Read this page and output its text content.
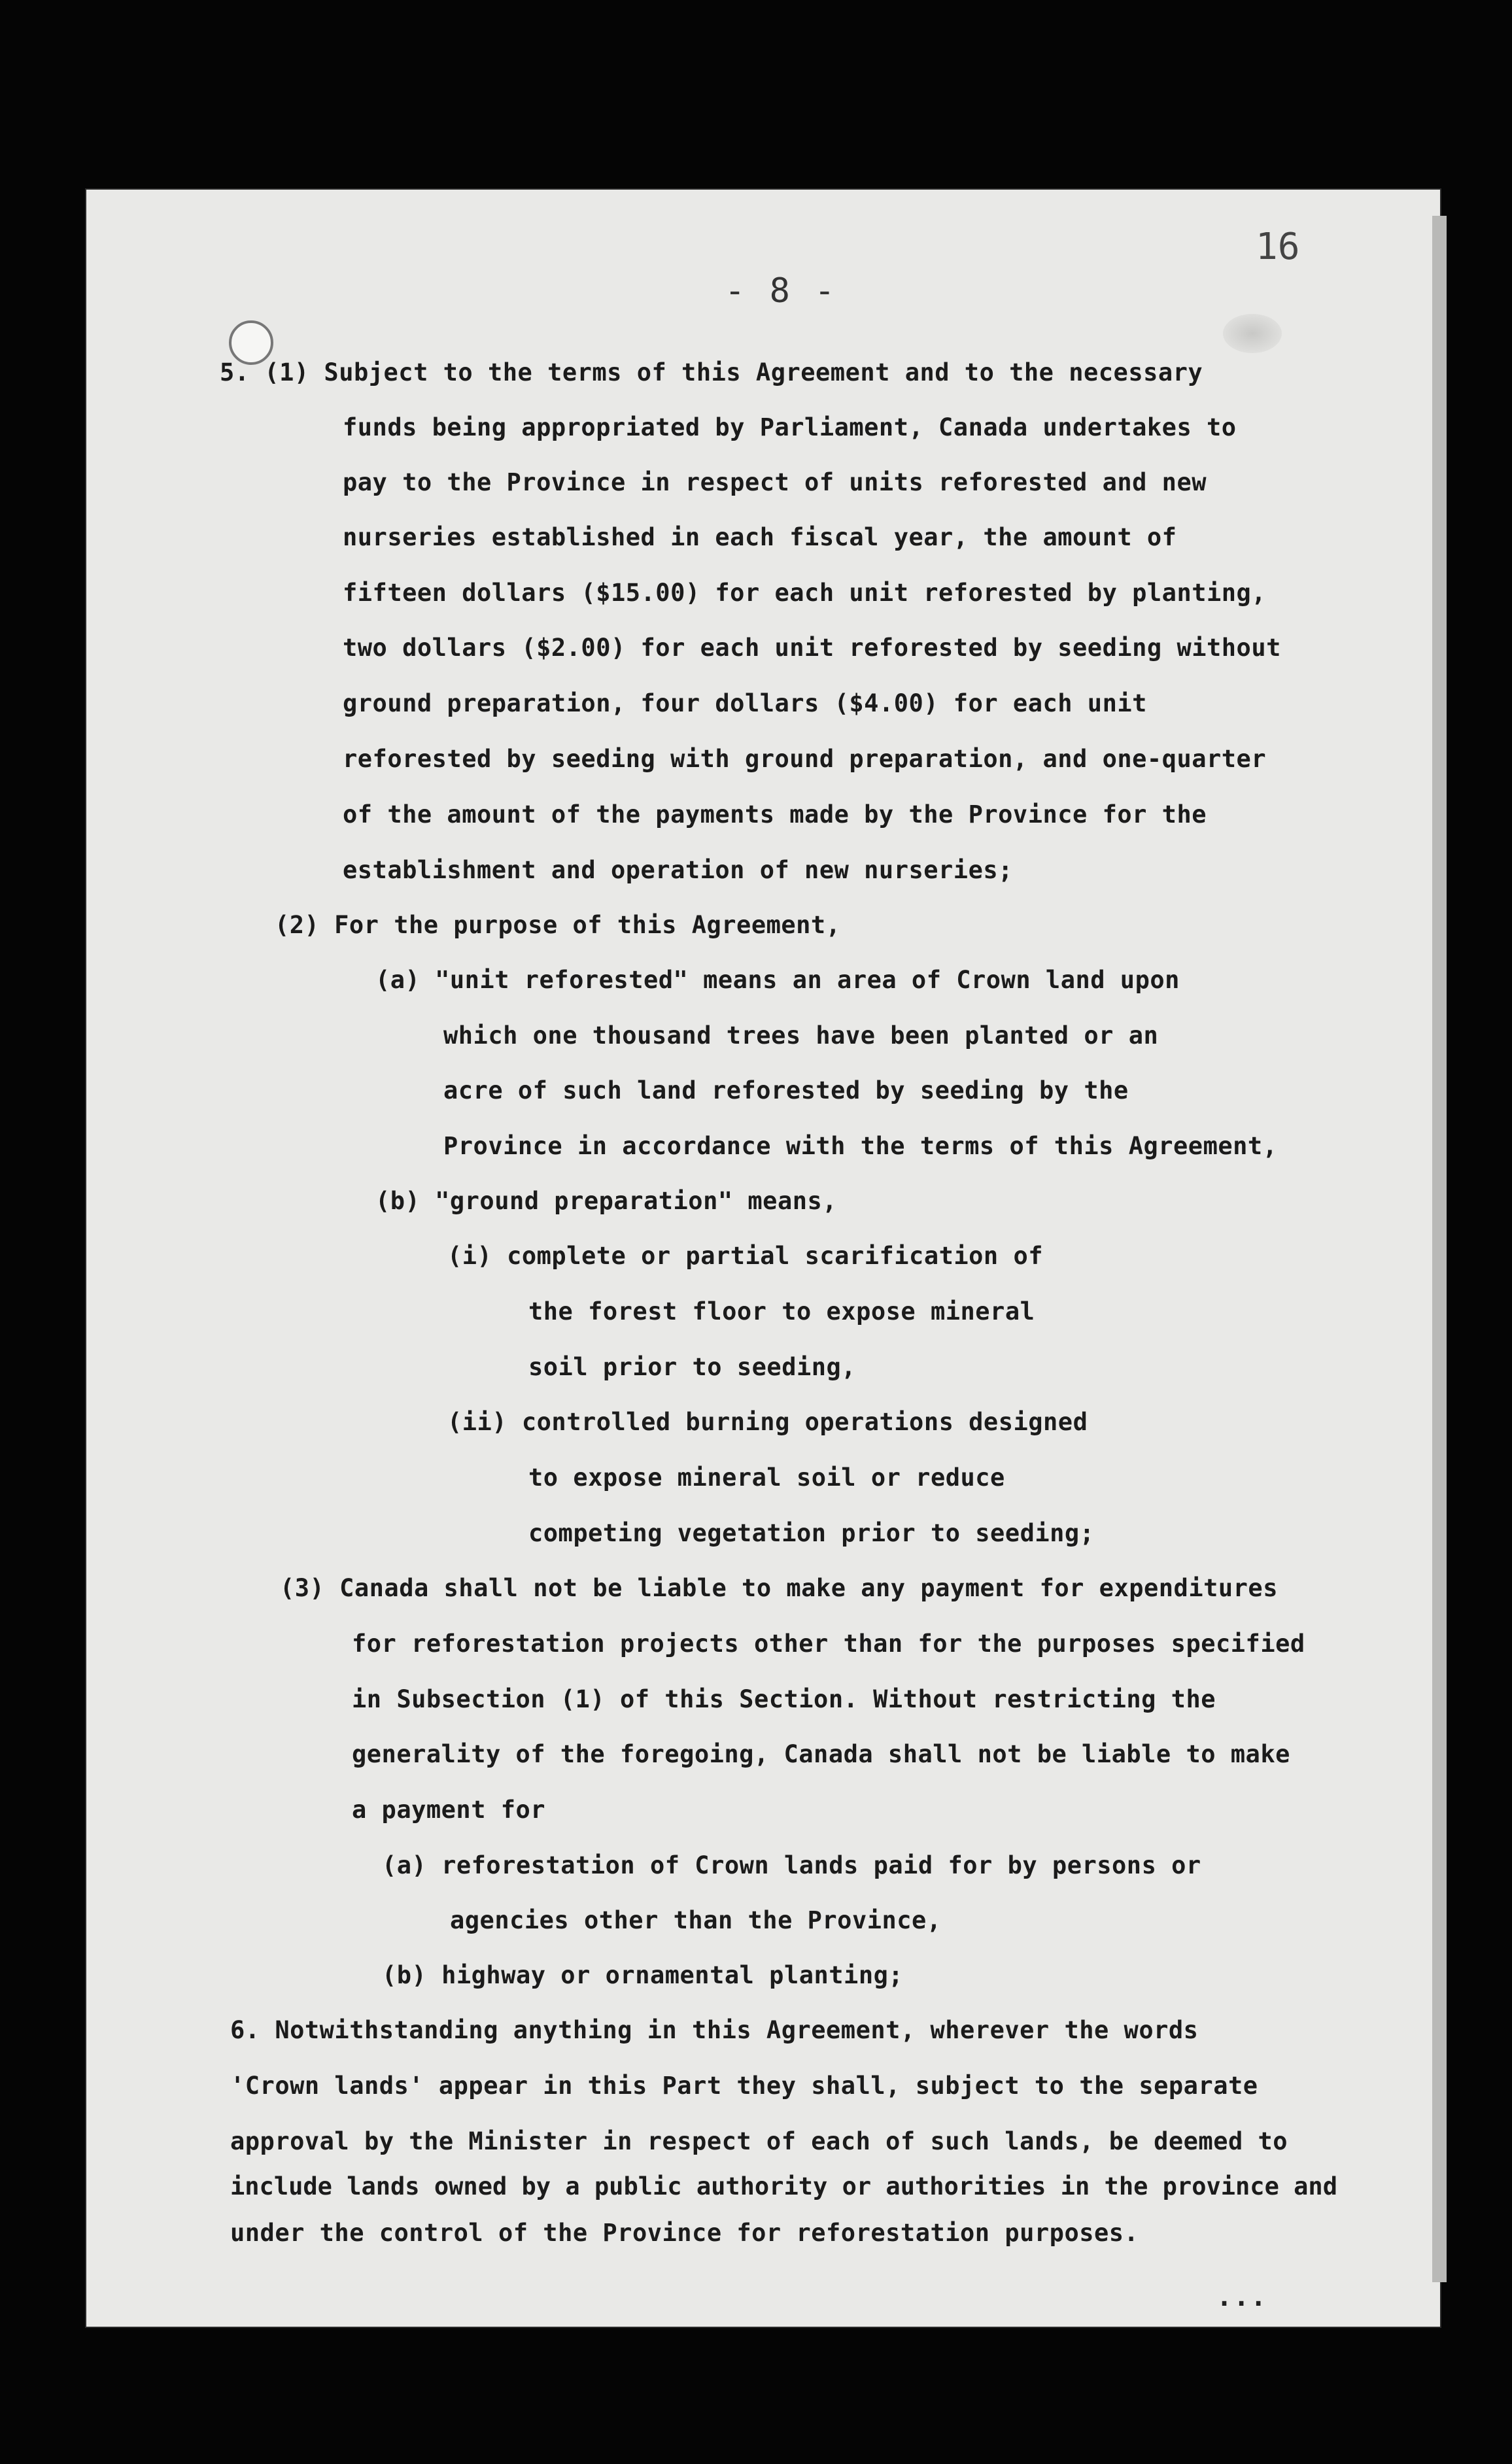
16
- 8 -
5. (1) Subject to the terms of this Agreement and to the necessary
funds being appropriated by Parliament, Canada undertakes to
pay to the Province in respect of units reforested and new
nurseries established in each fiscal year, the amount of
fifteen dollars ($15.00) for each unit reforested by planting,
two dollars ($2.00) for each unit reforested by seeding without
ground preparation, four dollars ($4.00) for each unit
reforested by seeding with ground preparation, and one-quarter
of the amount of the payments made by the Province for the
establishment and operation of new nurseries;
(2) For the purpose of this Agreement,
(a) "unit reforested" means an area of Crown land upon
which one thousand trees have been planted or an
acre of such land reforested by seeding by the
Province in accordance with the terms of this Agreement,
(b) "ground preparation" means,
(i) complete or partial scarification of
the forest floor to expose mineral
soil prior to seeding,
(ii) controlled burning operations designed
to expose mineral soil or reduce
competing vegetation prior to seeding;
(3) Canada shall not be liable to make any payment for expenditures
for reforestation projects other than for the purposes specified
in Subsection (1) of this Section. Without restricting the
generality of the foregoing, Canada shall not be liable to make
a payment for
(a) reforestation of Crown lands paid for by persons or
agencies other than the Province,
(b) highway or ornamental planting;
6. Notwithstanding anything in this Agreement, wherever the words
'Crown lands' appear in this Part they shall, subject to the separate
approval by the Minister in respect of each of such lands, be deemed to
include lands owned by a public authority or authorities in the province and
under the control of the Province for reforestation purposes.
...
